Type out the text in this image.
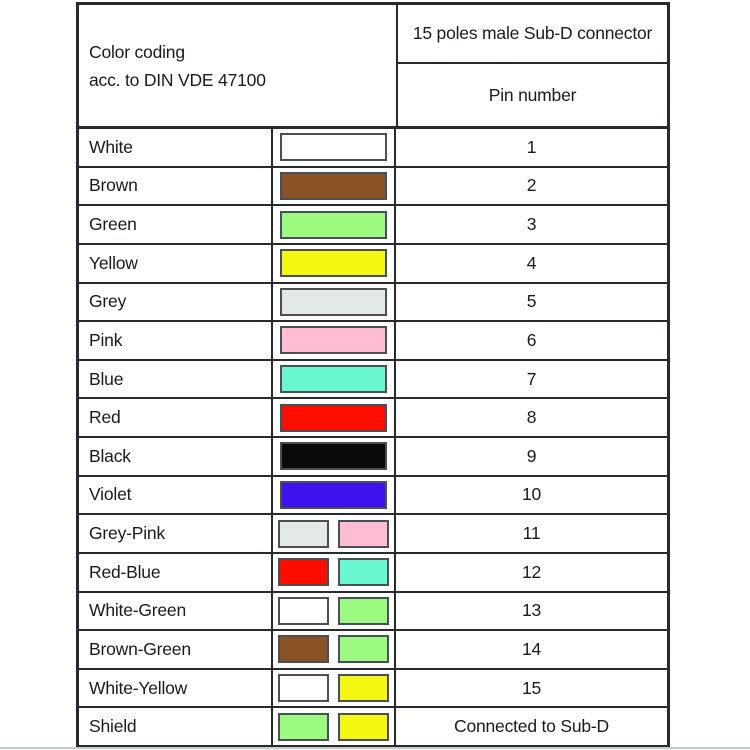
Color coding
acc. to DIN VDE 47100
15 poles male Sub-D connector
Pin number
White	1
Brown	2
Green	3
Yellow	4
Grey	5
Pink	6
Blue	7
Red	8
Black	9
Violet	10
Grey-Pink	11
Red-Blue	12
White-Green	13
Brown-Green	14
White-Yellow	15
Shield	Connected to Sub-D
